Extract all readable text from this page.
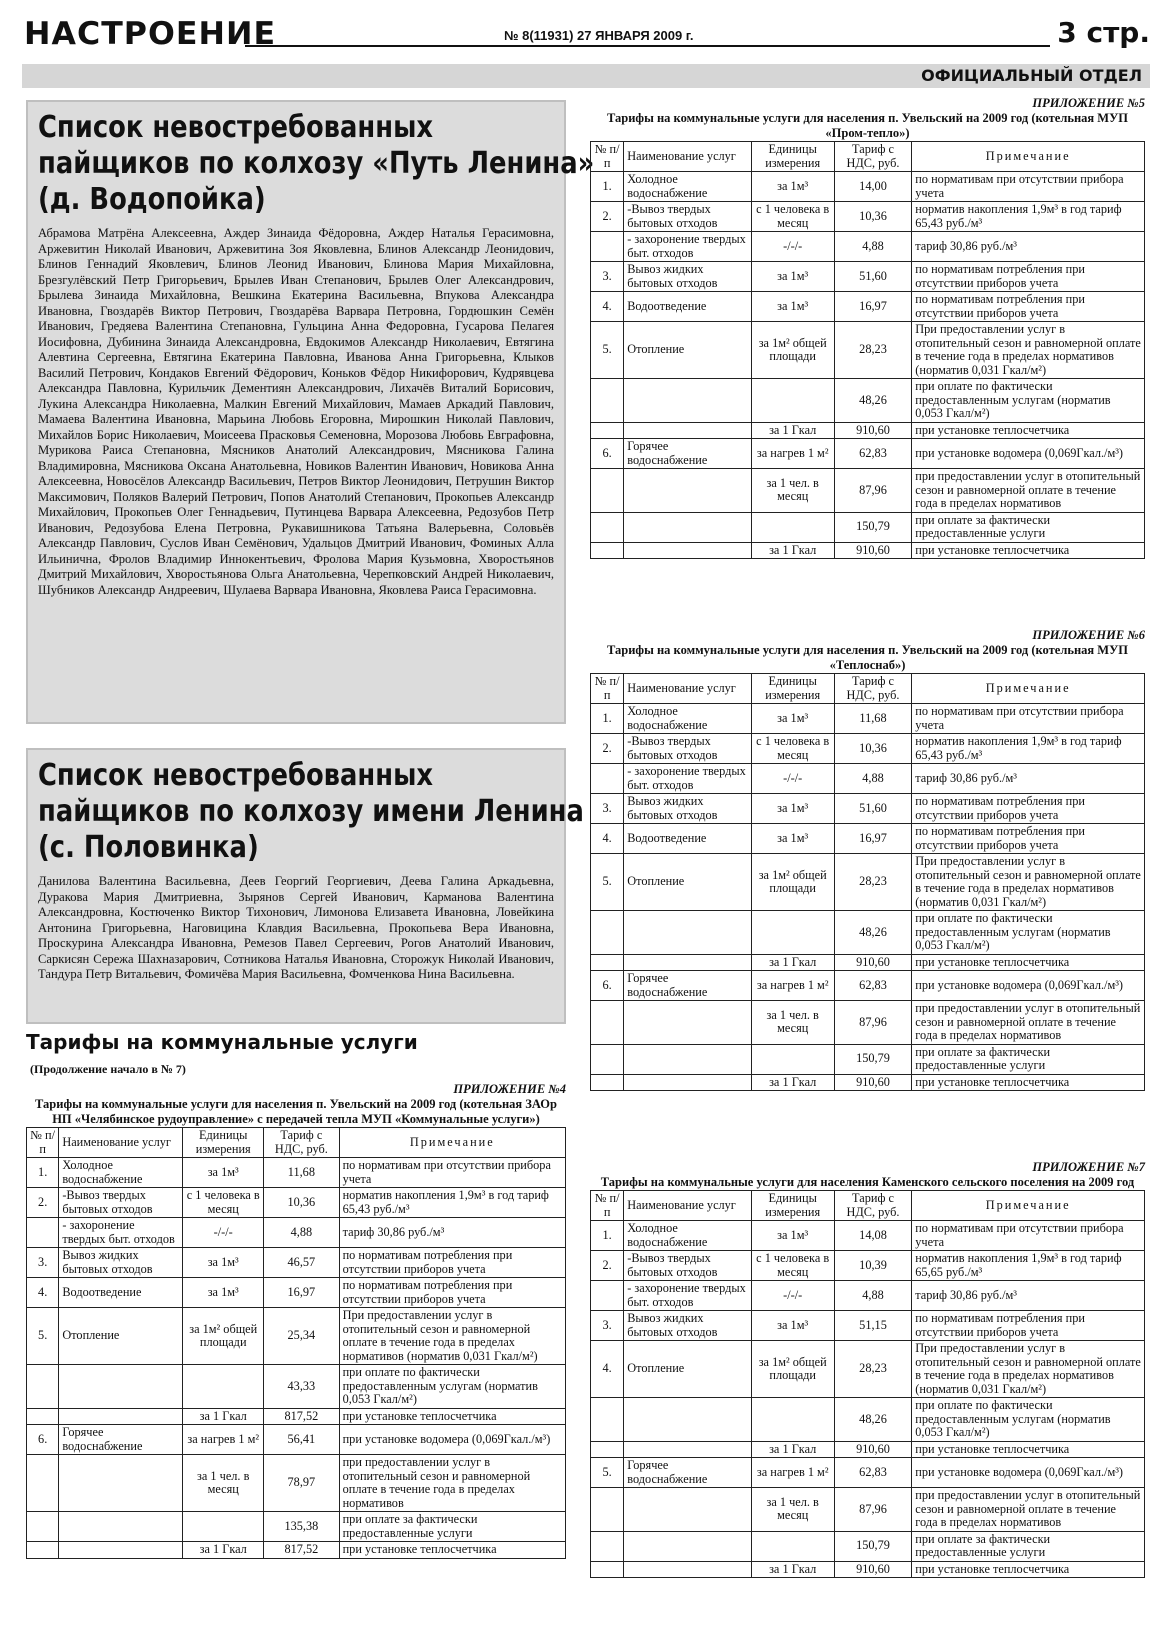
НАСТРОЕНИЕ	№ 8(11931) 27 ЯНВАРЯ 2009 г.	3 стр.
ОФИЦИАЛЬНЫЙ ОТДЕЛ
Список невостребованных
пайщиков по колхозу «Путь Ленина»
(д. Водопойка)
Абрамова Матрёна Алексеевна, Аждер Зинаида Фёдоровна, Аждер Наталья Герасимовна, Аржевитин Николай Иванович, Аржевитина Зоя Яковлевна, Блинов Александр Леонидович, Блинов Геннадий Яковлевич, Блинов Леонид Иванович, Блинова Мария Михайловна, Брезгулёвский Петр Григорьевич, Брылев Иван Степанович, Брылев Олег Александрович, Брылева Зинаида Михайловна, Вешкина Екатерина Васильевна, Впукова Александра Ивановна, Гвоздарёв Виктор Петрович, Гвоздарёва Варвара Петровна, Гордюшкин Семён Иванович, Гредяева Валентина Степановна, Гульцина Анна Федоровна, Гусарова Пелагея Иосифовна, Дубинина Зинаида Александровна, Евдокимов Александр Николаевич, Евтягина Алевтина Сергеевна, Евтягина Екатерина Павловна, Иванова Анна Григорьевна, Клыков Василий Петрович, Кондаков Евгений Фёдорович, Коньков Фёдор Никифорович, Кудрявцева Александра Павловна, Курильчик Дементиян Александрович, Лихачёв Виталий Борисович, Лукина Александра Николаевна, Малкин Евгений Михайлович, Мамаев Аркадий Павлович, Мамаева Валентина Ивановна, Марьина Любовь Егоровна, Мирошкин Николай Павлович, Михайлов Борис Николаевич, Моисеева Прасковья Семеновна, Морозова Любовь Евграфовна, Мурикова Раиса Степановна, Мясников Анатолий Александрович, Мясникова Галина Владимировна, Мясникова Оксана Анатольевна, Новиков Валентин Иванович, Новикова Анна Алексеевна, Новосёлов Александр Васильевич, Петров Виктор Леонидович, Петрушин Виктор Максимович, Поляков Валерий Петрович, Попов Анатолий Степанович, Прокопьев Александр Михайлович, Прокопьев Олег Геннадьевич, Путинцева Варвара Алексеевна, Редозубов Петр Иванович, Редозубова Елена Петровна, Рукавишникова Татьяна Валерьевна, Соловьёв Александр Павлович, Суслов Иван Семёнович, Удальцов Дмитрий Иванович, Фоминых Алла Ильинична, Фролов Владимир Иннокентьевич, Фролова Мария Кузьмовна, Хворостьянов Дмитрий Михайлович, Хворостьянова Ольга Анатольевна, Черепковский Андрей Николаевич, Шубников Александр Андреевич, Шулаева Варвара Ивановна, Яковлева Раиса Герасимовна.
Список невостребованных
пайщиков по колхозу имени Ленина
(с. Половинка)
Данилова Валентина Васильевна, Деев Георгий Георгиевич, Деева Галина Аркадьевна, Дуракова Мария Дмитриевна, Зырянов Сергей Иванович, Карманова Валентина Александровна, Костюченко Виктор Тихонович, Лимонова Елизавета Ивановна, Ловейкина Антонина Григорьевна, Наговицина Клавдия Васильевна, Прокопьева Вера Ивановна, Проскурина Александра Ивановна, Ремезов Павел Сергеевич, Рогов Анатолий Иванович, Саркисян Сережа Шахназарович, Сотникова Наталья Ивановна, Сторожук Николай Иванович, Тандура Петр Витальевич, Фомичёва Мария Васильевна, Фомченкова Нина Васильевна.
Тарифы на коммунальные услуги
(Продолжение начало в № 7)
ПРИЛОЖЕНИЕ №4
Тарифы на коммунальные услуги для населения п. Увельский на 2009 год (котельная ЗАОр НП «Челябинское рудоуправление» с передачей тепла МУП «Коммунальные услуги»)
№ п/п	Наименование услуг	Единицы измерения	Тариф с НДС, руб.	Примечание
1.	Холодное водоснабжение	за 1м³	11,68	по нормативам при отсутствии прибора учета
2.	-Вывоз твердых бытовых отходов	с 1 человека в месяц	10,36	норматив накопления 1,9м³ в год тариф 65,43 руб./м³
	- захоронение твердых быт. отходов	-/-/-	4,88	тариф 30,86 руб./м³
3.	Вывоз жидких бытовых отходов	за 1м³	46,57	по нормативам потребления при отсутствии приборов учета
4.	Водоотведение	за 1м³	16,97	по нормативам потребления при отсутствии приборов учета
5.	Отопление	за 1м² общей площади	25,34	При предоставлении услуг в отопительный сезон и равномерной оплате в течение года в пределах нормативов (норматив 0,031 Гкал/м²)
			43,33	при оплате по фактически предоставленным услугам (норматив 0,053 Гкал/м²)
		за 1 Гкал	817,52	при установке теплосчетчика
6.	Горячее водоснабжение	за нагрев 1 м²	56,41	при установке водомера (0,069Гкал./м³)
		за 1 чел. в месяц	78,97	при предоставлении услуг в отопительный сезон и равномерной оплате в течение года в пределах нормативов
			135,38	при оплате за фактически предоставленные услуги
		за 1 Гкал	817,52	при установке теплосчетчика
ПРИЛОЖЕНИЕ №5
Тарифы на коммунальные услуги для населения п. Увельский на 2009 год (котельная МУП «Пром-тепло»)
№ п/п	Наименование услуг	Единицы измерения	Тариф с НДС, руб.	Примечание
1.	Холодное водоснабжение	за 1м³	14,00	по нормативам при отсутствии прибора учета
2.	-Вывоз твердых бытовых отходов	с 1 человека в месяц	10,36	норматив накопления 1,9м³ в год тариф 65,43 руб./м³
	- захоронение твердых быт. отходов	-/-/-	4,88	тариф 30,86 руб./м³
3.	Вывоз жидких бытовых отходов	за 1м³	51,60	по нормативам потребления при отсутствии приборов учета
4.	Водоотведение	за 1м³	16,97	по нормативам потребления при отсутствии приборов учета
5.	Отопление	за 1м² общей площади	28,23	При предоставлении услуг в отопительный сезон и равномерной оплате в течение года в пределах нормативов (норматив 0,031 Гкал/м²)
			48,26	при оплате по фактически предоставленным услугам (норматив 0,053 Гкал/м²)
		за 1 Гкал	910,60	при установке теплосчетчика
6.	Горячее водоснабжение	за нагрев 1 м²	62,83	при установке водомера (0,069Гкал./м³)
		за 1 чел. в месяц	87,96	при предоставлении услуг в отопительный сезон и равномерной оплате в течение года в пределах нормативов
			150,79	при оплате за фактически предоставленные услуги
		за 1 Гкал	910,60	при установке теплосчетчика
ПРИЛОЖЕНИЕ №6
Тарифы на коммунальные услуги для населения п. Увельский на 2009 год (котельная МУП «Теплоснаб»)
№ п/п	Наименование услуг	Единицы измерения	Тариф с НДС, руб.	Примечание
1.	Холодное водоснабжение	за 1м³	11,68	по нормативам при отсутствии прибора учета
2.	-Вывоз твердых бытовых отходов	с 1 человека в месяц	10,36	норматив накопления 1,9м³ в год тариф 65,43 руб./м³
	- захоронение твердых быт. отходов	-/-/-	4,88	тариф 30,86 руб./м³
3.	Вывоз жидких бытовых отходов	за 1м³	51,60	по нормативам потребления при отсутствии приборов учета
4.	Водоотведение	за 1м³	16,97	по нормативам потребления при отсутствии приборов учета
5.	Отопление	за 1м² общей площади	28,23	При предоставлении услуг в отопительный сезон и равномерной оплате в течение года в пределах нормативов (норматив 0,031 Гкал/м²)
			48,26	при оплате по фактически предоставленным услугам (норматив 0,053 Гкал/м²)
		за 1 Гкал	910,60	при установке теплосчетчика
6.	Горячее водоснабжение	за нагрев 1 м²	62,83	при установке водомера (0,069Гкал./м³)
		за 1 чел. в месяц	87,96	при предоставлении услуг в отопительный сезон и равномерной оплате в течение года в пределах нормативов
			150,79	при оплате за фактически предоставленные услуги
		за 1 Гкал	910,60	при установке теплосчетчика
ПРИЛОЖЕНИЕ №7
Тарифы на коммунальные услуги для населения Каменского сельского поселения на 2009 год
№ п/п	Наименование услуг	Единицы измерения	Тариф с НДС, руб.	Примечание
1.	Холодное водоснабжение	за 1м³	14,08	по нормативам при отсутствии прибора учета
2.	-Вывоз твердых бытовых отходов	с 1 человека в месяц	10,39	норматив накопления 1,9м³ в год тариф 65,65 руб./м³
	- захоронение твердых быт. отходов	-/-/-	4,88	тариф 30,86 руб./м³
3.	Вывоз жидких бытовых отходов	за 1м³	51,15	по нормативам потребления при отсутствии приборов учета
4.	Отопление	за 1м² общей площади	28,23	При предоставлении услуг в отопительный сезон и равномерной оплате в течение года в пределах нормативов (норматив 0,031 Гкал/м²)
			48,26	при оплате по фактически предоставленным услугам (норматив 0,053 Гкал/м²)
		за 1 Гкал	910,60	при установке теплосчетчика
5.	Горячее водоснабжение	за нагрев 1 м²	62,83	при установке водомера (0,069Гкал./м³)
		за 1 чел. в месяц	87,96	при предоставлении услуг в отопительный сезон и равномерной оплате в течение года в пределах нормативов
			150,79	при оплате за фактически предоставленные услуги
		за 1 Гкал	910,60	при установке теплосчетчика
